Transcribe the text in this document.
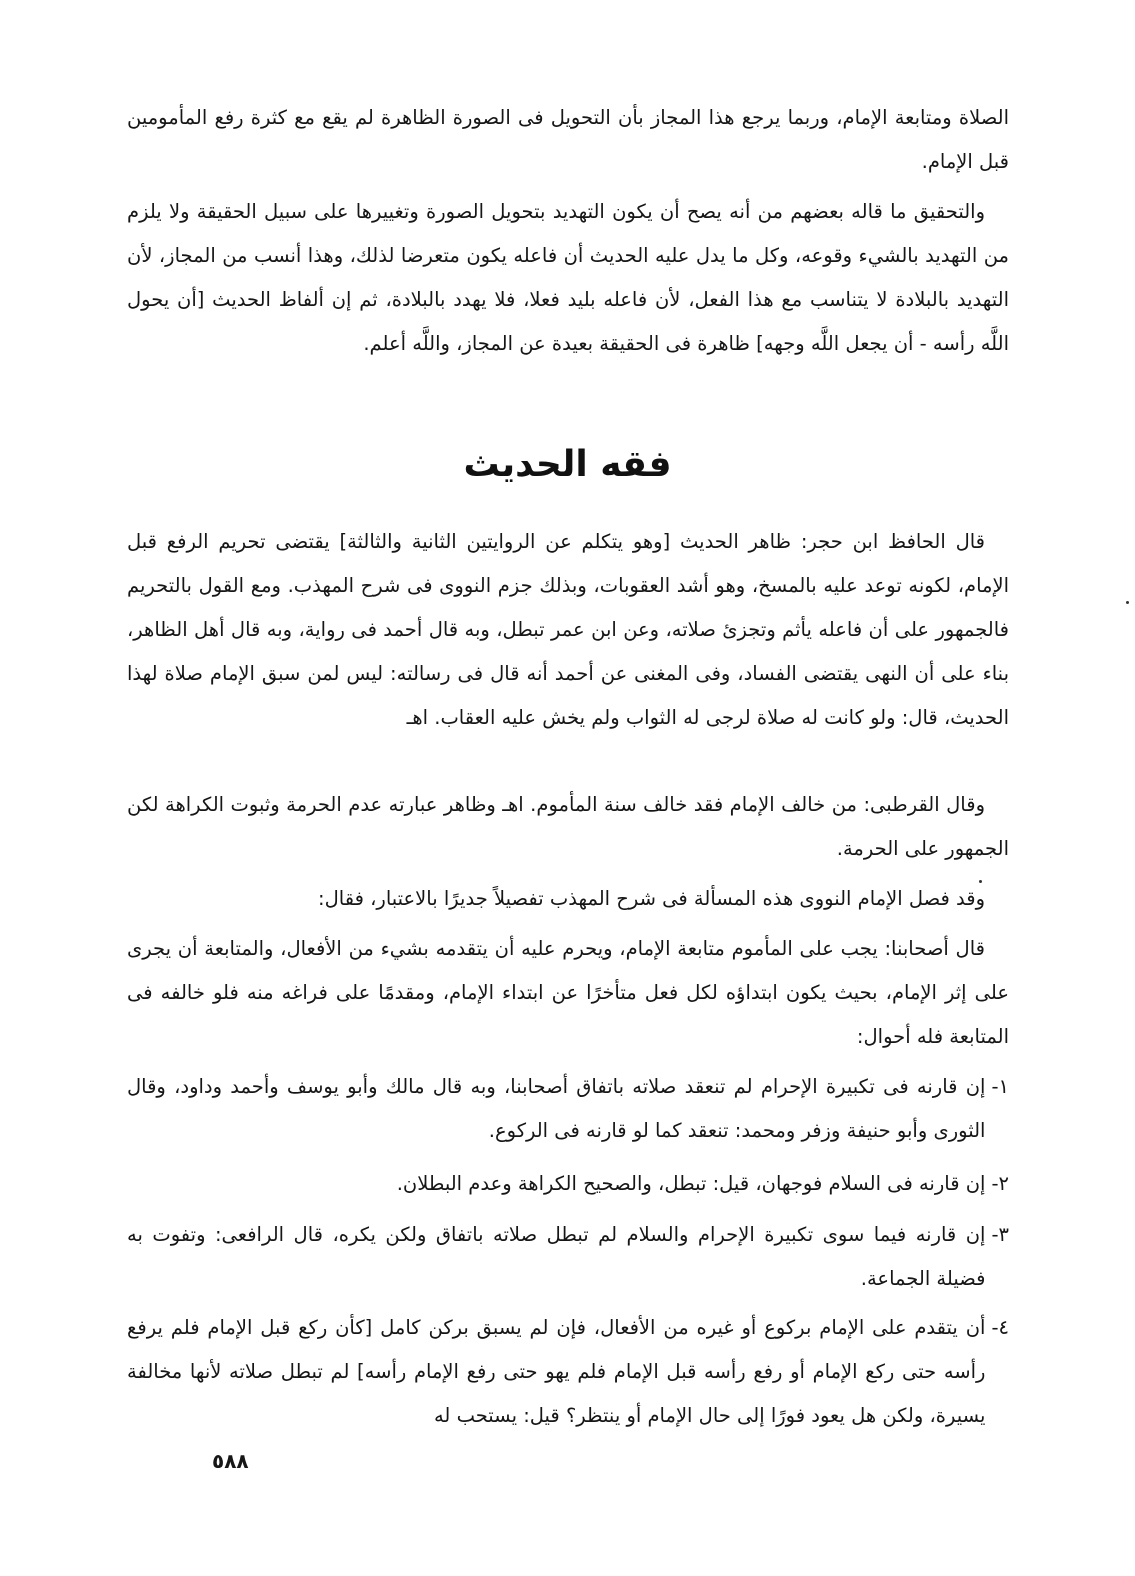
الصلاة ومتابعة الإمام، وربما يرجع هذا المجاز بأن التحويل فى الصورة الظاهرة لم يقع مع كثرة رفع المأمومين قبل الإمام.

والتحقيق ما قاله بعضهم من أنه يصح أن يكون التهديد بتحويل الصورة وتغييرها على سبيل الحقيقة ولا يلزم من التهديد بالشيء وقوعه، وكل ما يدل عليه الحديث أن فاعله يكون متعرضا لذلك، وهذا أنسب من المجاز، لأن التهديد بالبلادة لا يتناسب مع هذا الفعل، لأن فاعله بليد فعلا، فلا يهدد بالبلادة، ثم إن ألفاظ الحديث [أن يحول اللَّه رأسه - أن يجعل اللَّه وجهه] ظاهرة فى الحقيقة بعيدة عن المجاز، واللَّه أعلم.

فقه الحديث

قال الحافظ ابن حجر: ظاهر الحديث [وهو يتكلم عن الروايتين الثانية والثالثة] يقتضى تحريم الرفع قبل الإمام، لكونه توعد عليه بالمسخ، وهو أشد العقوبات، وبذلك جزم النووى فى شرح المهذب. ومع القول بالتحريم فالجمهور على أن فاعله يأثم وتجزئ صلاته، وعن ابن عمر تبطل، وبه قال أحمد فى رواية، وبه قال أهل الظاهر، بناء على أن النهى يقتضى الفساد، وفى المغنى عن أحمد أنه قال فى رسالته: ليس لمن سبق الإمام صلاة لهذا الحديث، قال: ولو كانت له صلاة لرجى له الثواب ولم يخش عليه العقاب. اهـ

وقال القرطبى: من خالف الإمام فقد خالف سنة المأموم. اهـ وظاهر عبارته عدم الحرمة وثبوت الكراهة لكن الجمهور على الحرمة.

وقد فصل الإمام النووى هذه المسألة فى شرح المهذب تفصيلاً جديرًا بالاعتبار، فقال:

قال أصحابنا: يجب على المأموم متابعة الإمام، ويحرم عليه أن يتقدمه بشيء من الأفعال، والمتابعة أن يجرى على إثر الإمام، بحيث يكون ابتداؤه لكل فعل متأخرًا عن ابتداء الإمام، ومقدمًا على فراغه منه فلو خالفه فى المتابعة فله أحوال:

١-
إن قارنه فى تكبيرة الإحرام لم تنعقد صلاته باتفاق أصحابنا، وبه قال مالك وأبو يوسف وأحمد وداود، وقال الثورى وأبو حنيفة وزفر ومحمد: تنعقد كما لو قارنه فى الركوع.
٢-
إن قارنه فى السلام فوجهان، قيل: تبطل، والصحيح الكراهة وعدم البطلان.
٣-
إن قارنه فيما سوى تكبيرة الإحرام والسلام لم تبطل صلاته باتفاق ولكن يكره، قال الرافعى: وتفوت به فضيلة الجماعة.
٤-
أن يتقدم على الإمام بركوع أو غيره من الأفعال، فإن لم يسبق بركن كامل [كأن ركع قبل الإمام فلم يرفع رأسه حتى ركع الإمام أو رفع رأسه قبل الإمام فلم يهو حتى رفع الإمام رأسه] لم تبطل صلاته لأنها مخالفة يسيرة، ولكن هل يعود فورًا إلى حال الإمام أو ينتظر؟ قيل: يستحب له
٥٨٨
